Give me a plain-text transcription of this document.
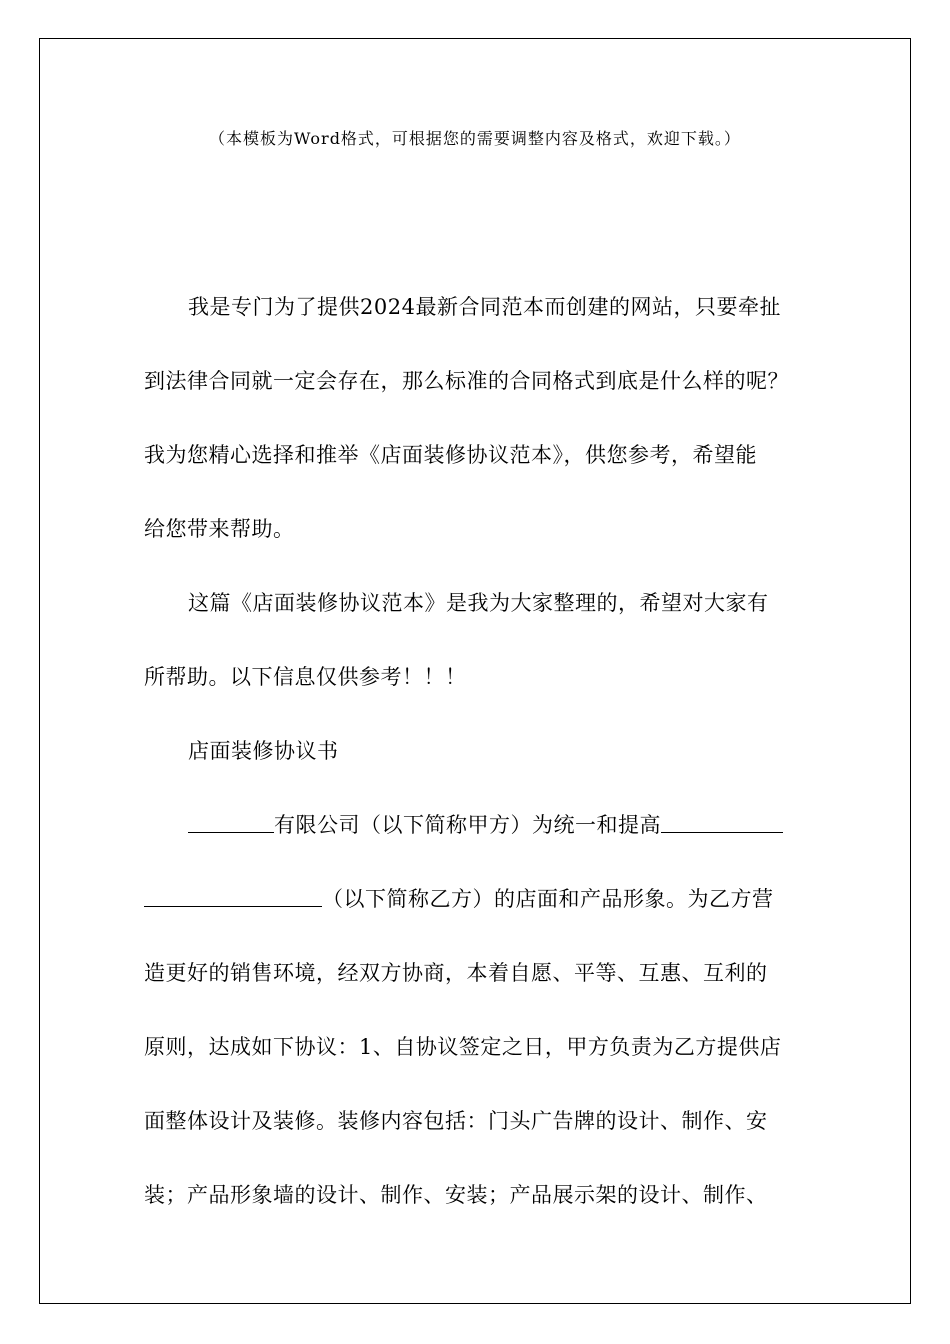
（本模板为Word格式，可根据您的需要调整内容及格式，欢迎下载。）
我是专门为了提供2024最新合同范本而创建的网站，只要牵扯
到法律合同就一定会存在，那么标准的合同格式到底是什么样的呢？
我为您精心选择和推举《店面装修协议范本》，供您参考，希望能
给您带来帮助。
这篇《店面装修协议范本》是我为大家整理的，希望对大家有
所帮助。以下信息仅供参考！！！
店面装修协议书
有限公司（以下简称甲方）为统一和提高
（以下简称乙方）的店面和产品形象。为乙方营
造更好的销售环境，经双方协商，本着自愿、平等、互惠、互利的
原则，达成如下协议：1、自协议签定之日，甲方负责为乙方提供店
面整体设计及装修。装修内容包括：门头广告牌的设计、制作、安
装；产品形象墙的设计、制作、安装；产品展示架的设计、制作、
